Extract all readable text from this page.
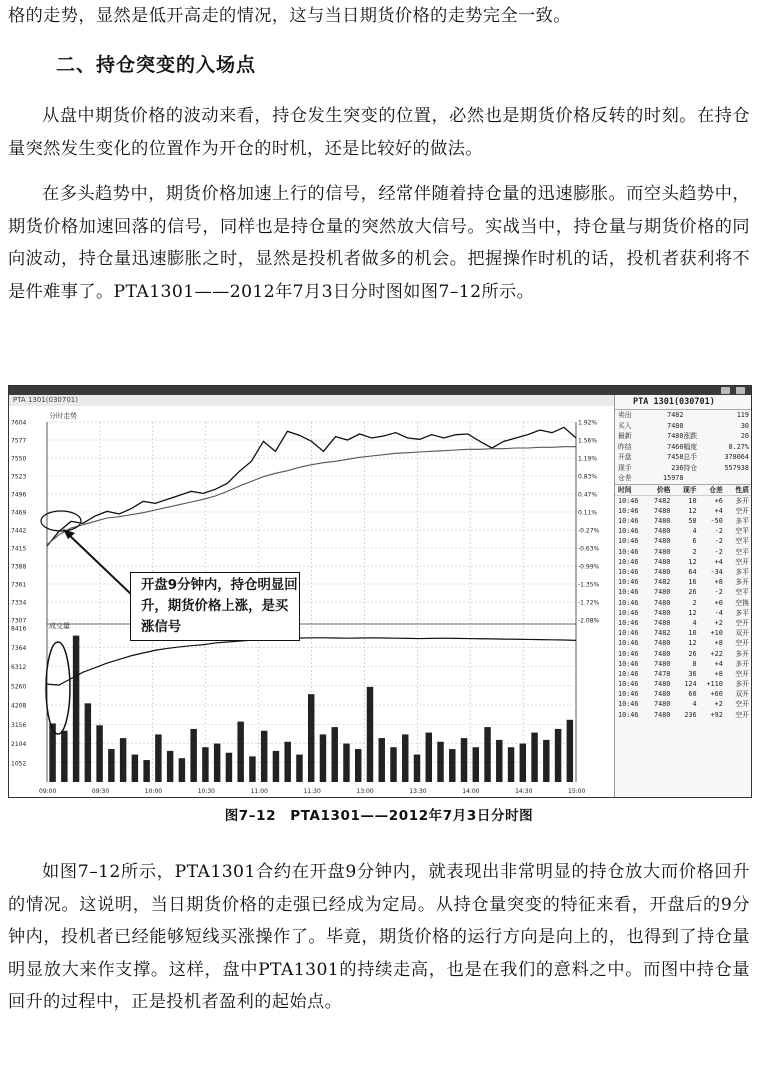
格的走势，显然是低开高走的情况，这与当日期货价格的走势完全一致。

二、持仓突变的入场点

从盘中期货价格的波动来看，持仓发生突变的位置，必然也是期货价格反转的时刻。在持仓量突然发生变化的位置作为开仓的时机，还是比较好的做法。

在多头趋势中，期货价格加速上行的信号，经常伴随着持仓量的迅速膨胀。而空头趋势中，期货价格加速回落的信号，同样也是持仓量的突然放大信号。实战当中，持仓量与期货价格的同向波动，持仓量迅速膨胀之时，显然是投机者做多的机会。把握操作时机的话，投机者获利将不是件难事了。PTA1301——2012年7月3日分时图如图7–12所示。

PTA 1301(030701)
7604	1.92%
7577	1.56%
7550	1.19%
7523	0.83%
7496	0.47%
7469	0.11%
7442	-0.27%
7415	-0.63%
7388	-0.99%
7361	-1.35%
7334	-1.72%
7307	-2.08%
09:00	09:30	10:00	10:30	11:00	11:30	13:00	13:30	14:00	14:30	15:00
8416
7364
6312
5260
4208
3156
2104
1052
分时走势
成交量
开盘9分钟内，持仓明显回升，期货价格上涨，是买涨信号
PTA 1301(030701)
卖出	7482	119
买入	7480	30
最新	7480 涨跌	20
昨结	7460 幅度	0.27%
开盘	7458 总手	378064
现手	236 持仓	557938
仓差	15978
时间	价格	现手	仓差	性质
10:46	7482	10	+6	多开
10:46	7480	12	+4	空开
10:46	7480	58	-50	多平
10:46	7480	4	-2	空平
10:46	7480	6	-2	空平
10:46	7480	2	-2	空平
10:46	7480	12	+4	空开
10:46	7480	64	-34	多平
10:46	7482	16	+8	多开
10:46	7480	26	-2	空平
10:46	7480	2	+0	空换
10:46	7480	12	-4	多平
10:46	7480	4	+2	空开
10:46	7482	10	+10	双开
10:46	7480	12	+8	空开
10:46	7480	26	+22	多开
10:46	7480	8	+4	多开
10:46	7478	36	+8	空开
10:46	7480	124	+110	多开
10:46	7480	60	+60	双开
10:46	7480	4	+2	空开
10:46	7480	236	+92	空开
图7–12　PTA1301——2012年7月3日分时图

如图7–12所示，PTA1301合约在开盘9分钟内，就表现出非常明显的持仓放大而价格回升的情况。这说明，当日期货价格的走强已经成为定局。从持仓量突变的特征来看，开盘后的9分钟内，投机者已经能够短线买涨操作了。毕竟，期货价格的运行方向是向上的，也得到了持仓量明显放大来作支撑。这样，盘中PTA1301的持续走高，也是在我们的意料之中。而图中持仓量回升的过程中，正是投机者盈利的起始点。
